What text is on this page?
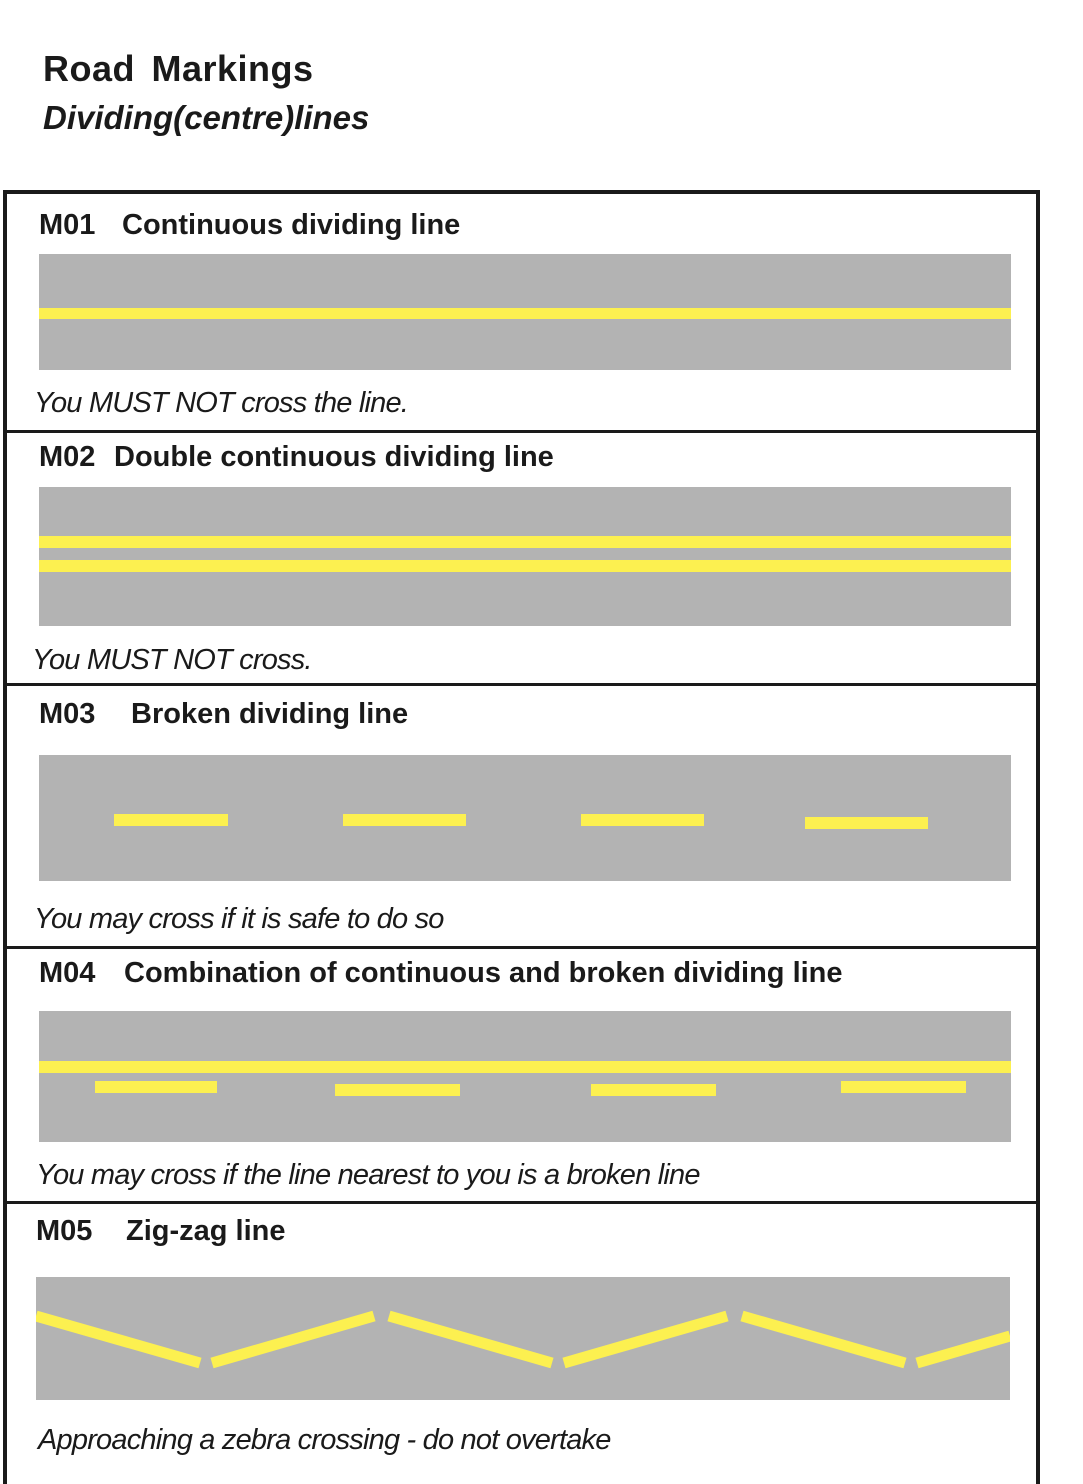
Road Markings
Dividing(centre)lines
M01 Continuous dividing line
You MUST NOT cross the line.
M02 Double continuous dividing line
You MUST NOT cross.
M03 Broken dividing line
You may cross if it is safe to do so
M04 Combination of continuous and broken dividing line
You may cross if the line nearest to you is a broken line
M05 Zig-zag line
Approaching a zebra crossing - do not overtake
